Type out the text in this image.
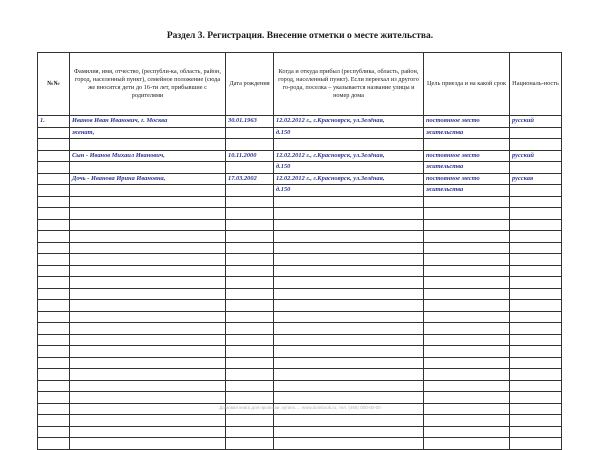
Раздел 3. Регистрация. Внесение отметки о месте жительства.
№№	Фамилия, имя, отчество, (республи-ка, область, район, город, населенный пункт), семейное положение (сюда же вносятся дети до 16-ти лет, прибывшие с родителями	Дата рождения	Когда и откуда прибыл (республика, область, район, город, населенный пункт). Если переехал из другого го-рода, поселка – указывается название улицы и номер дома	Цель приезда и на какой срок	Националь-ность
1.	Иванов Иван Иванович, г. Москва	30.01.1963	12.02.2012 г., г.Красноярск, ул.Зелёная,	постоянное место	русский
	женат,		д.150	жительства	

	Сын - Иванов Михаил Иванович,	10.11.2000	12.02.2012 г., г.Красноярск, ул.Зелёная,	постоянное место	русский
			д.150	жительства	
	Дочь - Иванова Ирина Ивановна,	17.03.2002	12.02.2012 г., г.Красноярск, ул.Зелёная,	постоянное место	русская
			д.150	жительства	

Домовая книга для прописки, купить ... www.dombook.ru, тел. (495) 000-00-00
